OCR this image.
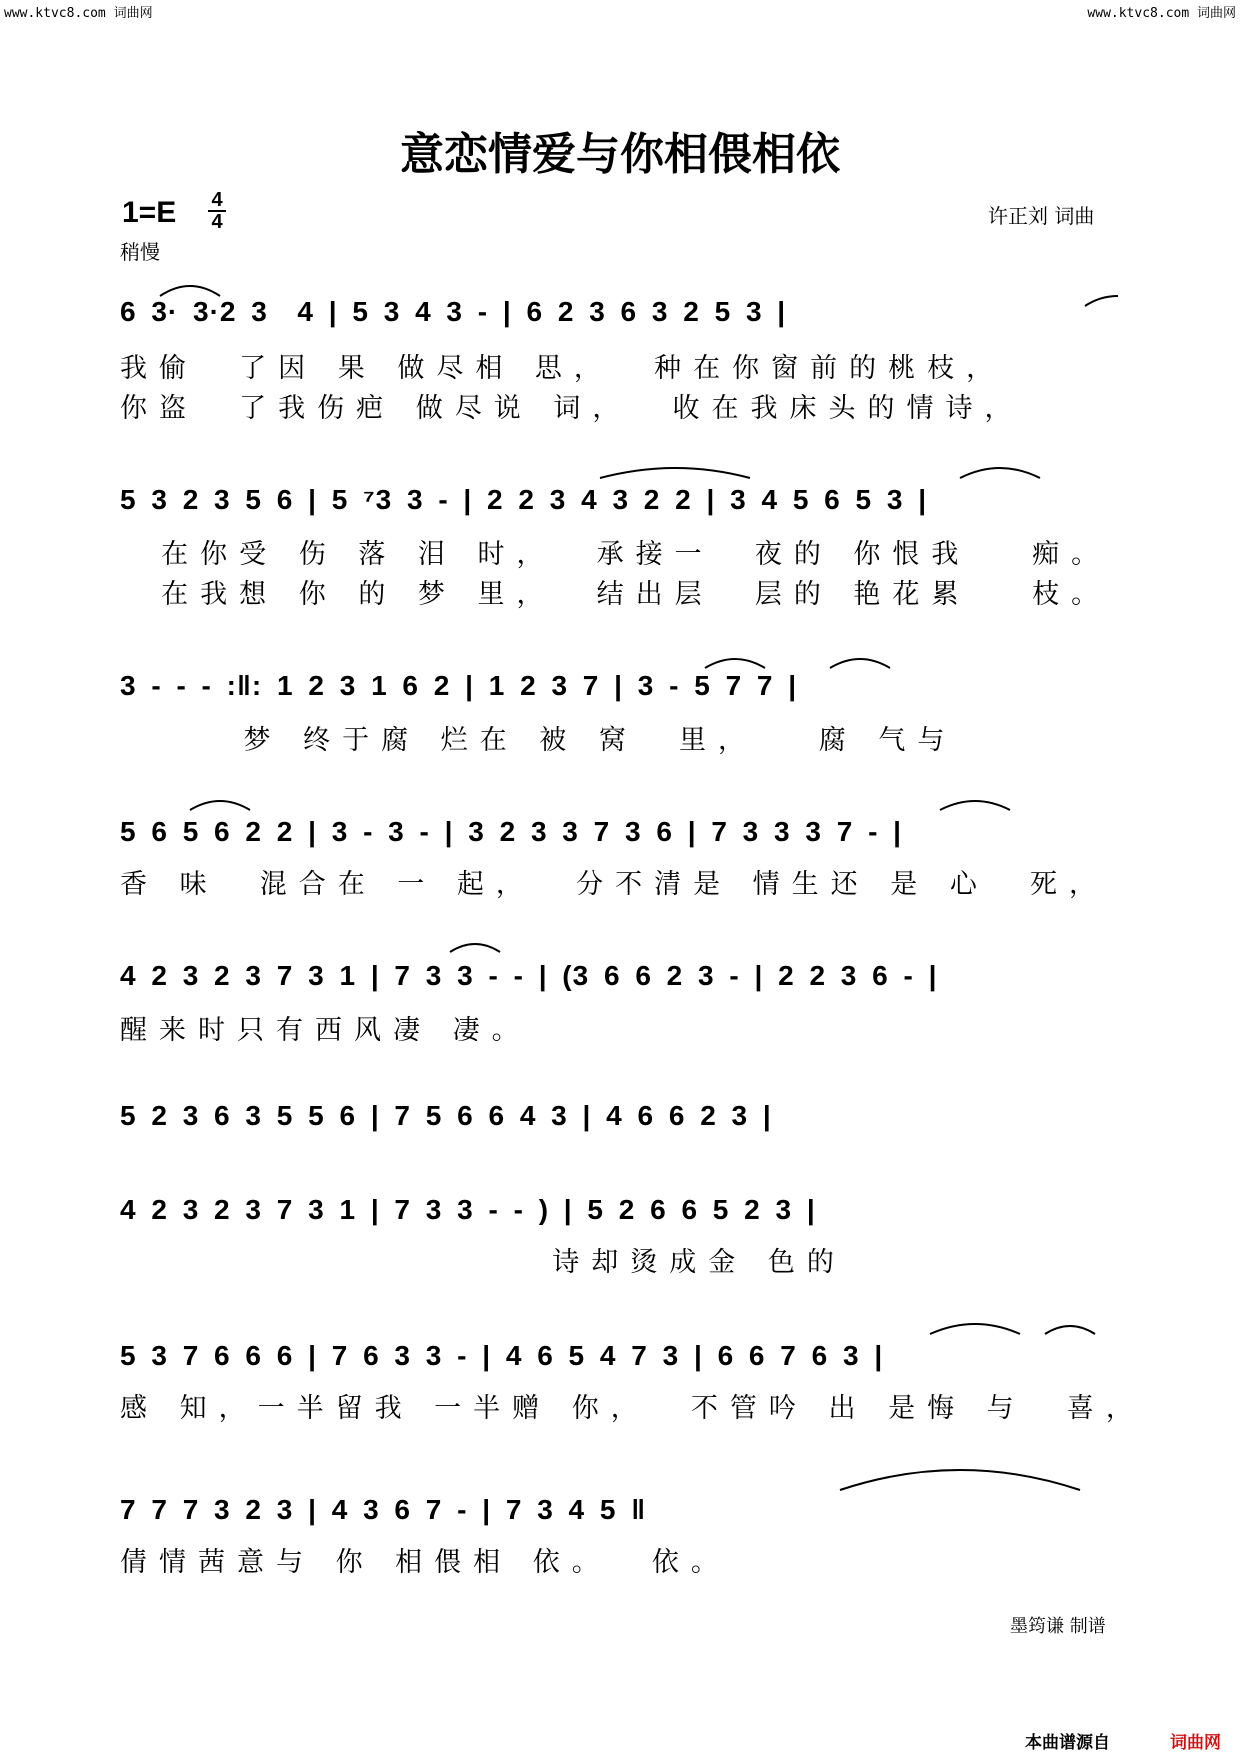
www.ktvc8.com 词曲网	www.ktvc8.com 词曲网
意恋情爱与你相偎相依
1=E 4
4
稍慢
许正刘 词曲

6 3· 3·2 3  4 | 5 3 4 3 - | 6 2 3 6 3 2 5 3 |

我偷  了因 果 做尽相 思，  种在你窗前的桃枝，
你盗  了我伤疤 做尽说 词，  收在我床头的情诗，

5 3 2 3 5 6 | 5 ⁷3 3 - | 2 2 3 4 3 2 2 | 3 4 5 6 5 3 |

在你受 伤 落 泪 时，  承接一  夜的 你恨我   痴。
在我想 你 的 梦 里，  结出层  层的 艳花累   枝。

3 - - - :‖: 1 2 3 1 6 2 | 1 2 3 7 | 3 - 5 7 7 |

梦 终于腐 烂在 被 窝  里，   腐 气与

5 6 5 6 2 2 | 3 - 3 - | 3 2 3 3 7 3 6 | 7 3 3 3 7 - |

香 味  混合在 一 起，  分不清是 情生还 是 心  死，

4 2 3 2 3 7 3 1 | 7 3 3 - - | (3 6 6 2 3 - | 2 2 3 6 - |

醒来时只有西风凄 凄。

5 2 3 6 3 5 5 6 | 7 5 6 6 4 3 | 4 6 6 2 3 |

4 2 3 2 3 7 3 1 | 7 3 3 - - ) | 5 2 6 6 5 2 3 |

诗却烫成金 色的

5 3 7 6 6 6 | 7 6 3 3 - | 4 6 5 4 7 3 | 6 6 7 6 3 |

感 知，一半留我 一半赠 你，  不管吟 出 是悔 与  喜，

7 7 7 3 2 3 | 4 3 6 7 - | 7 3 4 5 ‖

倩情茜意与 你 相偎相 依。  依。
墨筠谦 制谱
本曲谱源自	词曲网
